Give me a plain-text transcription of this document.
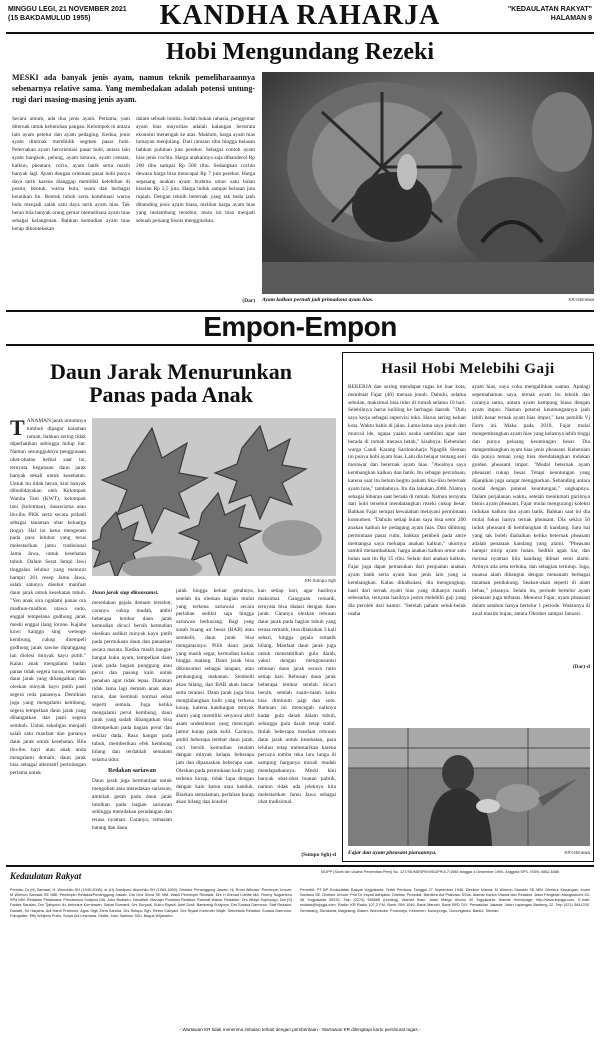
MINGGU LEGI, 21 NOVEMBER 2021
(15 BAKDAMULUD 1955)	KANDHA RAHARJA	"KEDAULATAN RAKYAT"
HALAMAN 9
Hobi Mengundang Rezeki
MESKI ada banyak jenis ayam, namun teknik pemeliharaannya sebenarnya relative sama. Yang membedakan adalah potensi untung-rugi dari masing-masing jenis ayam.
Secara umum, ada dua jenis ayam. Pertama, yam diternak untuk kebutuhan pangan. Kelompok ni antara lain ayam petelur dan ayam pedaging. Kedua, jenis ayam diternak membidik segmen pasar hobi. Peternakan ayam berorientasi pasar hobi, antara lain ayam bangkok, pelung, ayam ketawa, ayam cemani, kalkun, pheatant, cocin, ayam batik serta masih banyak lagi. Ayam dengan orientasi pasar hobi punya daya tarik karena dianggap memiliki kelebihan di postur, bentuk, warna bulu, suara dan berbagai keunikan lin. Bentuk tubuh serta kombinasi warna bulu menjadi salah satu daya tarik ayam hias. Tak heran bila banyak orang gemar memelihara ayam hias sebagai kelangenan. Bahkan kemudian ayam hias kerap dikontekskan
dalam sebuah lomba. Sudah bukan rahasia, penggemar ayam hias mayoritas adalah kalangan berstrata ekonomi menengah ke atas. Maklum, harga ayam hias lumayan menjulang. Dari ratusan ribu hingga belasan bahkan puluhan juta perekor. Sebagai contoh ayam hias jenis cochin. Harga anakannya saja dibanderol Rp 200 ribu sampai Rp 500 ribu. Sedangkan cochin dewasa harga bisa mencapai Rp 7 juta perekor. Harga sepasang anakan ayam brahma umur satu bulan kisaran Rp 2,5 juta. Harga induk sampai belasan juta rupiah. Dengan teknik beternak yang tak beda jauh dibanding jenis ayam biasa, melihat harga ayam hias yang melambung tersebut, tentu ini bisa menjadi sebuah peluang bisnis menggiurkan.
(Dar) Ayam kalkun pernah jadi primadona ayam hias.	KR-Istimewa
Empon-Empon
Daun Jarak Menurunkan
Panas pada Anak
T ANAMAN jarak umumnya tumbuh dipagar halaman rumah, bahkan sering tidak diperhatikan sebingga hidup liar. Namun sesungguhnya penggunaan obat-obatan herbal saat ini, ternyata kegunaan daun jarak banyak sekali untuk kesehatan. Untuk itu tidak heran, kini banyak dibudidayakan oleh Kelompok Wanita Tani (KWT), kelompok tani (kelomtan), dasawisma atau ibu-ibu PKK serta secara pribadi sebagai tanaman obat keluarga (toga). Hal ini kena mengenen pada para leluhur yang terus melestarikan jamu tradisional Jamu Jawa, untuk kesehatan tubuh. Dalam Serat Jampi Jawi tinggalan leluhur yang menurut hampir 261 resep Jamu Jawa, salah satunya disebut manfaat daun jarak untuk kesehatan tubuh. "Yen anak sira ngalami panas ora madhun-madhun utawa sudo, enggal tempelana godhong jarak meshi enggal ilang lorone. Kajaba kuwi kanggo sing wetenge kembung, cukup ditempeli godhong jarak sawise dipanggang lan diolesi minyak kayu putih." Kalau anak mengalami badan panas tidak segera turun, tempelah daun jarak yang dihangatkan dan oleskan minyak kayu putih pasti segera reda panasnya. Demikian juga yang mengalami kembung, segera tempelkan daun jarak yang dihangatkan dan pasti segera sembuh. Untuk sekaligus menjadi salah satu manfaat dan gunanya daun jarak untuk kesehatan. Bila ibu-ibu bayi atau anak anda mengalami demam, daun jarak bisa sebagai alternatif pertolongan pertama untuk
KR-Sutopo Sgh
Daun jarak siap dikonsumsi.
meredakan gejala demam tersebut, caranya cukup mudah, ambil beberapa lembar daun jarak kemudian dicuci bersih kemudian olesikan sedikit minyak kayu putih pada permukaan daun dan panaskan secara merata. Ketika masih hangat-hangat kuku ayam, tempelkan daun jarak pada bagian punggung atau perut dan pasang kain untuk penahan agar tidak lepas. Diamkan tidak lama lagi demam anak akan turun, dan kembali normal sehat seperti semula. Juga ketika mengalami perut kembung, daun jarak yang sudah dihangatkan bisa ditempelkan pada bagian perut dan sekitar dada. Rasa hangat pada tubuh, memberikan efek kembung hilang dan terdahlah semalam selama tidur.
Redakan sariawan
Daun jarak juga bermanfaat untuk mengobati atau meredakan sariawan, ambilah getah pada daun jarak tutulkan pada bagian sariawan sehingga meredakan peradangan dan terasa nyaman. Caranya, remaslah batang dan daun
jarak hingga keluar getahnya, setelah itu oleskan bagian mulut yang terkena sariawan secara perlahan sedikit saja hingga sariawan berkurang. Bagi yang susah buang air besar (BAB) atau sembelit, daun jarak bisa mengatasinya. Pilih daun jarak yang masih segar, kemudian kukus hingga matang. Daun jarak bisa dikonsumsi sebagai lalapan, atau penbangung makanan. Sembelit akan hilang, dan BAB akan lancar serta teratasi. Daun jarak juga bisa menghilangkan kulit yang terkena kurap, karena kandungan minyak alami yang memiliki senyawa aktif asam undesilenat yang mencegah jamur kurap pada kulit. Caranya, ambil beberapa lembar daun jarak, cuci bersih kemudian rendam dengan minyak kelapa beberapa jam dan dipanaskan beberapa saat. Oleskan pada permukaan kulit yang terkena kurap, tidak lupa dengan dengan kain katun atau handuk. Biarkan semalaman, perlahan kurap akan hilang dan kondisi
kan setiap hari, agar hasilnya maksimal. Gangguan rematik, ternyata bisa diatasi dengan daun jarak. Caranya oleskan rebusan daun jarak pada bagian tubuh yang terasa rematik, bisa dilakukan 3 kali sehari, hingga gejala rematik hilang. Manfaat daun jarak juga untuk menstabilkan gula darah, yakni dengan mengonsumsi rebusan daun jarak secara rutin setiap hari. Rebusan daun jarak beberapa lembar setelah dicuci bersih, setelah suam-suam kuku bisa diminum pagi dan sore. Ramuan ini mencegah naiknya kadar gula darah dalam tubuh, sehingga gula darah tetap stabil. Itulah beberapa manfaat rebusan daun jarak untuk kesehatan, para leluhur tetap melestarikan karena percaya tombo teka lara lunga di samping harganya murah mudah mendapatkannya. Meski kini banyak obat-obat buatan pabrik, namun tidak ada jeleknya kita melestarikan Jamu Jawa sebagai obat tradisional.
(Sutopo Sgh)-d
Hasil Hobi Melebihi Gaji
BEKERJA dan sering mendapat tugas ke luar kota, membuat Fajar (40) merasa jenuh. Dahulu, selama sebulan, maksimal bisa tidur di rumah selama 10 hari. Selebihnya harus keliling ke berbagai daerah. "Dulu saya kerja sebagai supervisi toko. Harus sering keluar kota. Waktu habis di jalan. Lama-lama saya jenuh dan muncul ide, ngapa yaaku usaha sambilan agar saat berada di rumah merasa betah," kisahnya. Kebetulan warga Candi Karang Sardonoharjo Ngaglik Sleman ini punya hobi ayam hias. Lalu dia belajar tentang seni merawat dan beternak ayam hias. "Awalnya saya kembangkan kalkun dan batik. Itu sebagai percobaan, karena saat itu belum begitu paham lika-liku beternak ayam hias," tambahnya. Itu dia lakukan 2008. Niatnya sebagai hiburan saat berada di rumah. Namun ternyata dari hobi tersebut mendatangkan rezeki cukup besar. Bahkan Fajar sempat kewalahan melayani permintaan konsumen. "Dahulu setiap bulan saya bisa setor 200 anakan kalkun ke pedagang ayam hias. Dan dihitung permintaan pasar rutin, bahkan pembeli pada antre memangsa saya meluapa anakan kalkun," ukurnya sambil menambahkan, harga anakan kalkun umur satu bulan saat itu Rp 35 ribu. Selain dari anakan kalkun, Fajar juga dapat pemasukan dari penjualan anakan ayam batik serta ayam hias jenis lain yang ia kembangkan. Kalau dikalkulasi, dia mengungkap, hasil dari ternak ayam hias yang duhanya masih sebesarha, ternyata hasilnya justru melebihi gaji yang dia peroleh dari kantor. "Setelah paham seluk-beluk usaha
ayam hias, saya coba mengalihkan saaran. Apalagi sepemahaman saya, ternak ayam itu teknik dan caranya sama, antara ayam kampung biasa dengan ayam impor. Namun potensi keuntungannya jauh lebih besar ternak ayam hias impor," kata pemilik Vj Farm ini. Maka pada 2010, Fajar mulai mengembangkan ayam hias yang kelasnya lebih tinggi dan punya peluang keuntungan besar. Dia mengembangkan ayam hias jenis pheasant. Kebetulan dia punya teman yang bisa mendatangkan indukan golden pheasant impor. "Modal beternak ayam pheasant cukup besar. Tetapi keuntungan yang dijanjikan juga sangat menggiurkan. Sebanding antara modal dengan potensi keuntungan," ungkapnya. Dalam perjalanan waktu, setelah menikmati gurihnya bisnis ayam pheasant, Fajar mulai mengurangi koleksi indukan kalkun dan ayam batik. Bahkan saat ini dia mulai fokus hanya ternak pheasant. Dia sekira 50 induk pheasant di kembangkan di kandang. Satu hal yang tak boleh diabaikan ketika beternak pheasant adalah penataan kandang yang alami. "Pheasant hampir mirip ayam hutan. Sedikit agak liar, dan merasa nyaman bila kandang dibuat semi alami. Artinya ada area terbuka, dan sebagian tertutup. Juga, nuansa alam dibangun dengan menanam berbagai tanaman pendukung. Seakan-akan seperti di alam bebas," jelasnya. Selain itu, periode bertelur ayam pheasant juga terbatas. Menurut Fajar, ayam pheasant dalam setahun hanya bertelur 1 periode. Waktunya di awal musim hujan, antara Oktober sampai Januari.
(Dar)-d
Fajar dan ayam pheasant piaraannya.	KR-Istimewa
Kedaulatan Rakyat	SIUPP (Surat Izin Usaha Penerbitan Pers) No. 127/SK/MENPEN/SIUPP/A.7/1986 tanggal 4 Desember 1990. Anggota SPS. ISSN: 0852-6486
Perintis: Dr (H) Samawi, H. Wonohito SH (1945-2008), dr (H) Soedjono Wonohito SH (1969-1999). Direktur Penanggung Jawab: Hj. Romi Wibowo. Pemimpin Umum: M Wirmon Samawi SE MBI. Pemimpin Redaksi/Penanggung Jawab: Drs Ons Sirosi SE MM. Wakil Pemimpin Redaksi: Drs H Ahmad Luthfie MA, Ronny Sugiantoro SPd MM. Redaktur Pelaksana: Primaswolo Sudjono MA, Joko Budiarto, Hanafiah. Manajer Produksi Redaksi: Rahmat Wasid. Redaktur: Drs Widyo Supriyogo, Drs (S) Fadies Saralan, Drs Tjahyono Iki, Antonius Kurniawan, Sabar Sumardi, Drs Suryadi, Sukro Riyadi, Arief Dodi, Bambang Sutiyono, Drs Surasa Darmono. Staf Redaksi: Danarti, Sri Harjana, Adi Hardi Pramono, Agus Sigit, Dina Sandra, Drs Sutopo Sgh, Retno Cahyani, Drs Riyadi Kontroler Wajib. Sekretaris Redaksi: Surasa Darmono. Fotografer: Effy Widjono Putro, Surya Adi Lesmana. Grafis: Joko Santoso SSn, Bagus Wijanarko.
Penerbit: PT BP Kedaulatan Rakyat Yogyakarta. Terbit Perdana: Tanggal 27 September 1945. Direktur Utama: M Wirmon Samawi SE MBI. Direktur Keuangan: Imam Santoso SE. Direktur Umum: Prof Dr Irsyad Adhijaksi. Direktur Produksi: Bardiora Adi Prabowo SSos. Alamat Kantor Utama dan Redaksi: Jalan Pangeran Mangkubumi 40-46 Yogyakarta 55232, Telp (0274) 565685 (hunting). Alamat Iklan: Jalan Margo Utomo 40 Yogyakarta. Alamat Homepage: http://www.krjogja.com. E-mail: redaksi@krjogja.com. Radio: KR Radio 107,2 FM. Bank: BNI 1946, Bank Mandiri, Bank BPD DIY. Perwakilan Jakarta: Jalan Lapangan Banteng 22, Telp (021) 3841200. Semarang, Surakarta, Magelang, Klaten, Wonosobo, Purworejo, Kebumen, Kulonprogo, Gunungkidul, Bantul, Sleman.
- Wartawan KR tidak menerima imbalan terkait dengan pemberitaan - Wartawan KR dilengkapi kartu pers/surat tugas -
